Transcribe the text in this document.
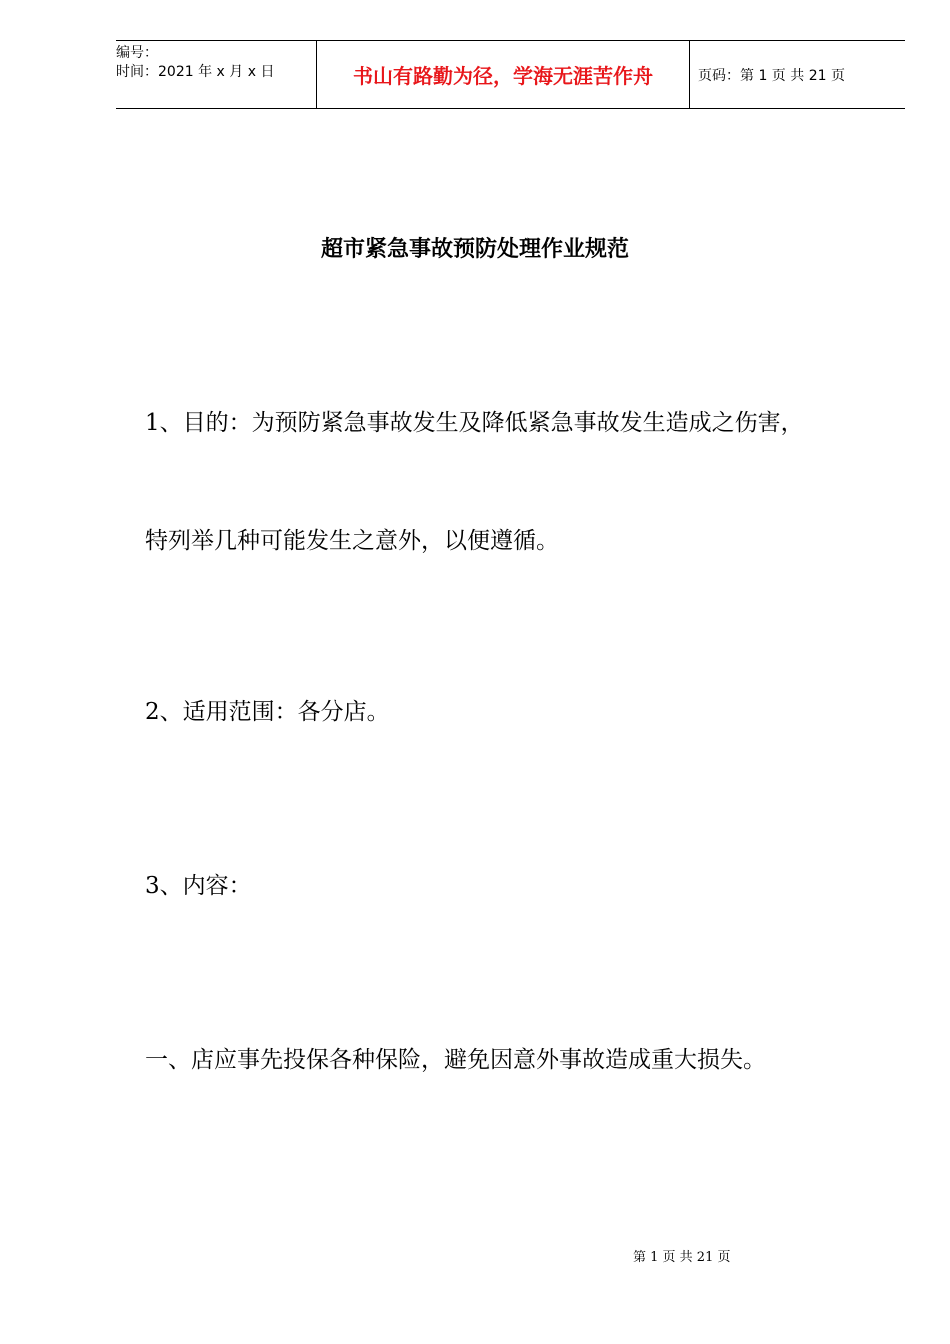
编号：
时间：2021 年 x 月 x 日	书山有路勤为径，学海无涯苦作舟	页码：第 1 页 共 21 页
超市紧急事故预防处理作业规范
1、目的：为预防紧急事故发生及降低紧急事故发生造成之伤害，
特列举几种可能发生之意外，以便遵循。
2、适用范围：各分店。
3、内容：
一、店应事先投保各种保险，避免因意外事故造成重大损失。
第 1 页 共 21 页
